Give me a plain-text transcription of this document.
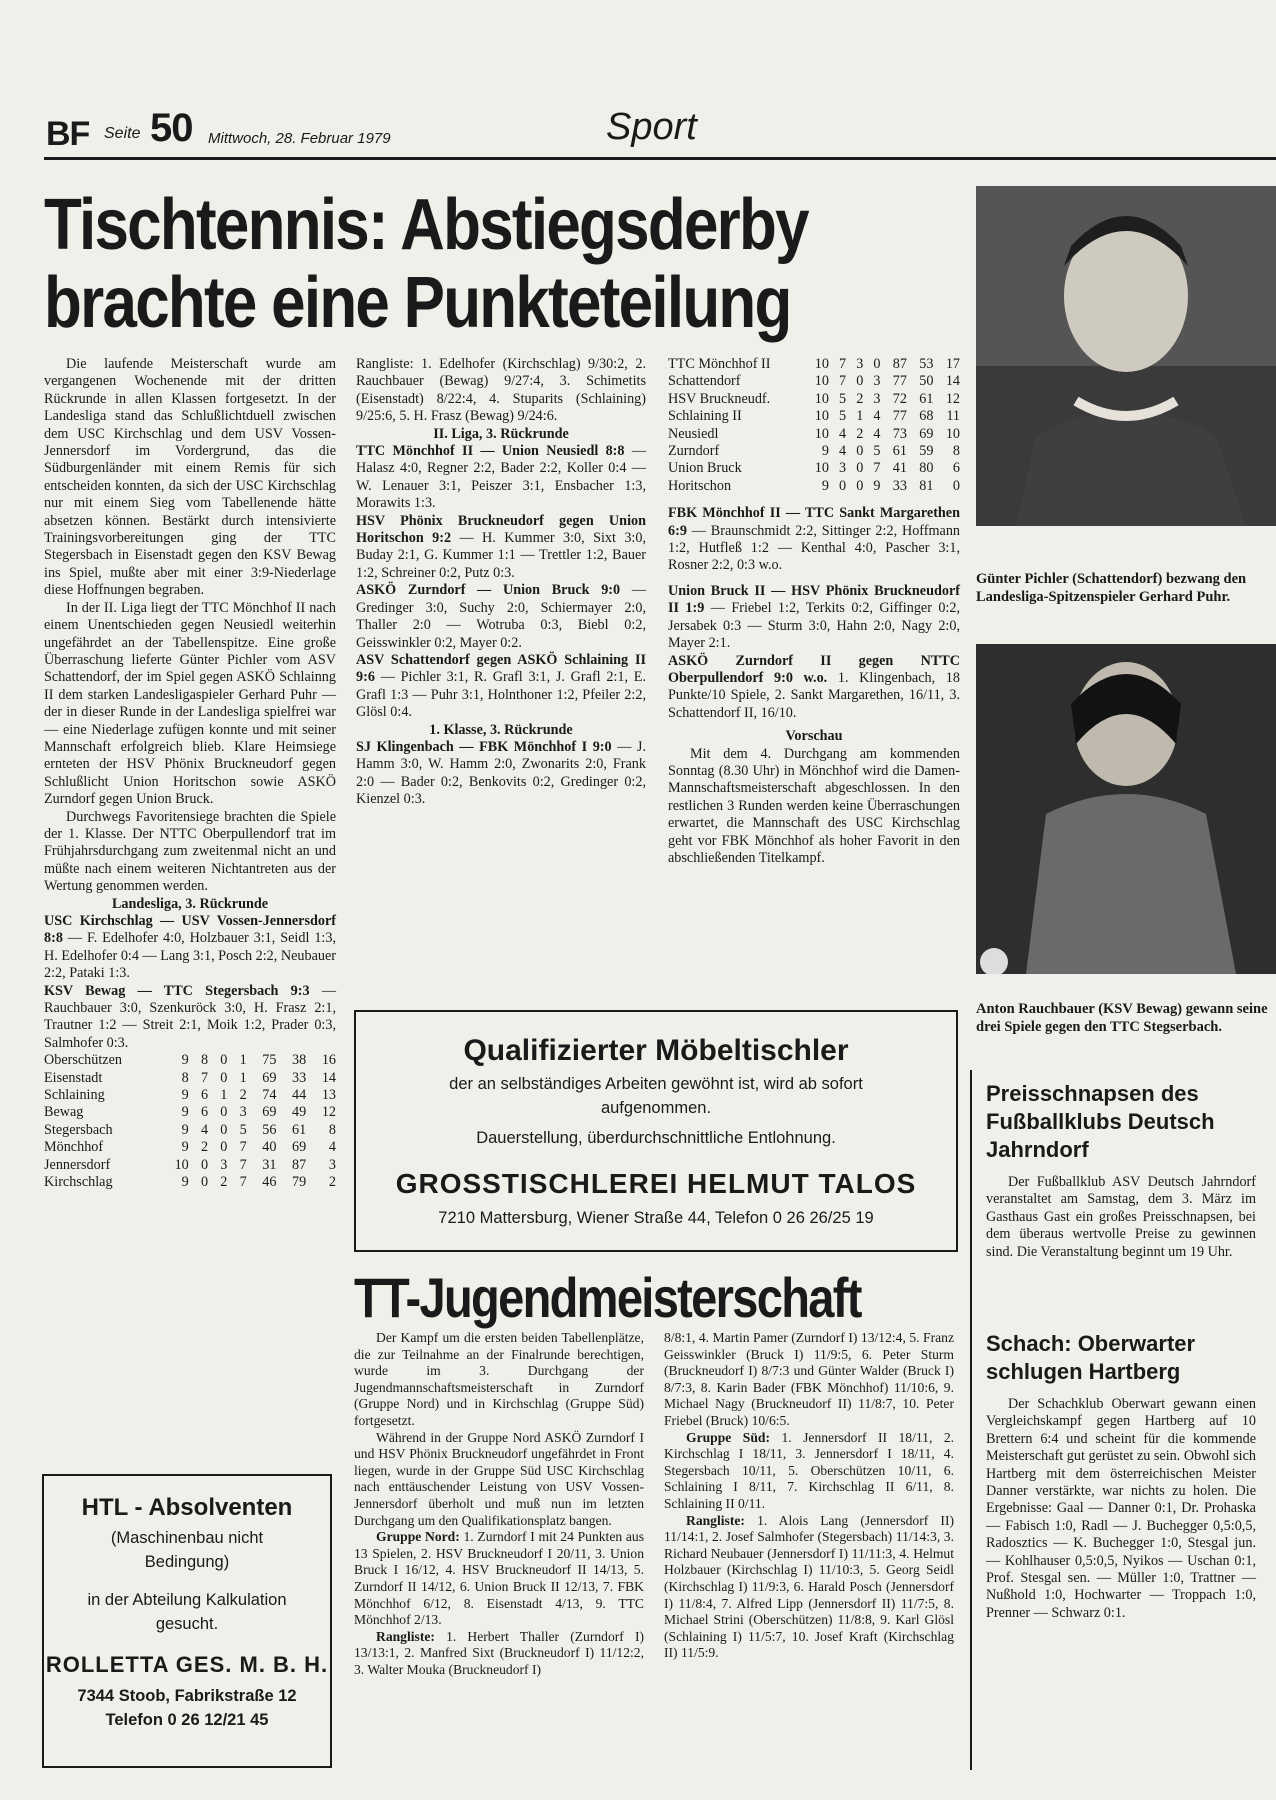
BF Seite 50 Mittwoch, 28. Februar 1979	Sport
Tischtennis: Abstiegsderby
brachte eine Punkteteilung

Die laufende Meisterschaft wurde am vergangenen Wochenende mit der dritten Rückrunde in allen Klassen fortgesetzt. In der Landesliga stand das Schlußlichtduell zwischen dem USC Kirchschlag und dem USV Vossen-Jennersdorf im Vordergrund, das die Südburgenländer mit einem Remis für sich entscheiden konnten, da sich der USC Kirchschlag nur mit einem Sieg vom Tabellenende hätte absetzen können. Bestärkt durch intensivierte Trainingsvorbereitungen ging der TTC Stegersbach in Eisenstadt gegen den KSV Bewag ins Spiel, mußte aber mit einer 3:9-Niederlage diese Hoffnungen begraben.

In der II. Liga liegt der TTC Mönchhof II nach einem Unentschieden gegen Neusiedl weiterhin ungefährdet an der Tabellenspitze. Eine große Überraschung lieferte Günter Pichler vom ASV Schattendorf, der im Spiel gegen ASKÖ Schlainng II dem starken Landesligaspieler Gerhard Puhr — der in dieser Runde in der Landesliga spielfrei war — eine Niederlage zufügen konnte und mit seiner Mannschaft erfolgreich blieb. Klare Heimsiege ernteten der HSV Phönix Bruckneudorf gegen Schlußlicht Union Horitschon sowie ASKÖ Zurndorf gegen Union Bruck.

Durchwegs Favoritensiege brachten die Spiele der 1. Klasse. Der NTTC Oberpullendorf trat im Frühjahrsdurchgang zum zweitenmal nicht an und müßte nach einem weiteren Nichtantreten aus der Wertung genommen werden.

Landesliga, 3. Rückrunde

USC Kirchschlag — USV Vossen-Jennersdorf 8:8 — F. Edelhofer 4:0, Holzbauer 3:1, Seidl 1:3, H. Edelhofer 0:4 — Lang 3:1, Posch 2:2, Neubauer 2:2, Pataki 1:3.

KSV Bewag — TTC Stegersbach 9:3 — Rauchbauer 3:0, Szenkuröck 3:0, H. Frasz 2:1, Trautner 1:2 — Streit 2:1, Moik 1:2, Prader 0:3, Salmhofer 0:3.

Oberschützen	9	8	0	1	75	38	16
Eisenstadt	8	7	0	1	69	33	14
Schlaining	9	6	1	2	74	44	13
Bewag	9	6	0	3	69	49	12
Stegersbach	9	4	0	5	56	61	8
Mönchhof	9	2	0	7	40	69	4
Jennersdorf	10	0	3	7	31	87	3
Kirchschlag	9	0	2	7	46	79	2

Rangliste: 1. Edelhofer (Kirchschlag) 9/30:2, 2. Rauchbauer (Bewag) 9/27:4, 3. Schimetits (Eisenstadt) 8/22:4, 4. Stuparits (Schlaining) 9/25:6, 5. H. Frasz (Bewag) 9/24:6.

II. Liga, 3. Rückrunde

TTC Mönchhof II — Union Neusiedl 8:8 — Halasz 4:0, Regner 2:2, Bader 2:2, Koller 0:4 — W. Lenauer 3:1, Peiszer 3:1, Ensbacher 1:3, Morawits 1:3.

HSV Phönix Bruckneudorf gegen Union Horitschon 9:2 — H. Kummer 3:0, Sixt 3:0, Buday 2:1, G. Kummer 1:1 — Trettler 1:2, Bauer 1:2, Schreiner 0:2, Putz 0:3.

ASKÖ Zurndorf — Union Bruck 9:0 — Gredinger 3:0, Suchy 2:0, Schiermayer 2:0, Thaller 2:0 — Wotruba 0:3, Biebl 0:2, Geisswinkler 0:2, Mayer 0:2.

ASV Schattendorf gegen ASKÖ Schlaining II 9:6 — Pichler 3:1, R. Grafl 3:1, J. Grafl 2:1, E. Grafl 1:3 — Puhr 3:1, Holnthoner 1:2, Pfeiler 2:2, Glösl 0:4.

1. Klasse, 3. Rückrunde

SJ Klingenbach — FBK Mönchhof I 9:0 — J. Hamm 3:0, W. Hamm 2:0, Zwonarits 2:0, Frank 2:0 — Bader 0:2, Benkovits 0:2, Gredinger 0:2, Kienzel 0:3.

TTC Mönchhof II	10	7	3	0	87	53	17
Schattendorf	10	7	0	3	77	50	14
HSV Bruckneudf.	10	5	2	3	72	61	12
Schlaining II	10	5	1	4	77	68	11
Neusiedl	10	4	2	4	73	69	10
Zurndorf	9	4	0	5	61	59	8
Union Bruck	10	3	0	7	41	80	6
Horitschon	9	0	0	9	33	81	0

FBK Mönchhof II — TTC Sankt Margarethen 6:9 — Braunschmidt 2:2, Sittinger 2:2, Hoffmann 1:2, Hutfleß 1:2 — Kenthal 4:0, Pascher 3:1, Rosner 2:2, 0:3 w.o.

Union Bruck II — HSV Phönix Bruckneudorf II 1:9 — Friebel 1:2, Terkits 0:2, Giffinger 0:2, Jersabek 0:3 — Sturm 3:0, Hahn 2:0, Nagy 2:0, Mayer 2:1.

ASKÖ Zurndorf II gegen NTTC Oberpullendorf 9:0 w.o. 1. Klingenbach, 18 Punkte/10 Spiele, 2. Sankt Margarethen, 16/11, 3. Schattendorf II, 16/10.

Vorschau

Mit dem 4. Durchgang am kommenden Sonntag (8.30 Uhr) in Mönchhof wird die Damen-Mannschaftsmeisterschaft abgeschlossen. In den restlichen 3 Runden werden keine Überraschungen erwartet, die Mannschaft des USC Kirchschlag geht vor FBK Mönchhof als hoher Favorit in den abschließenden Titelkampf.

Günter Pichler (Schattendorf) bezwang den Landesliga-Spitzenspieler Gerhard Puhr.
Anton Rauchbauer (KSV Bewag) gewann seine drei Spiele gegen den TTC Stegserbach.
Qualifizierter Möbeltischler
der an selbständiges Arbeiten gewöhnt ist, wird ab sofort
aufgenommen.
Dauerstellung, überdurchschnittliche Entlohnung.
GROSSTISCHLEREI HELMUT TALOS
7210 Mattersburg, Wiener Straße 44, Telefon 0 26 26/25 19
TT-Jugendmeisterschaft

Der Kampf um die ersten beiden Tabellenplätze, die zur Teilnahme an der Finalrunde berechtigen, wurde im 3. Durchgang der Jugendmannschaftsmeisterschaft in Zurndorf (Gruppe Nord) und in Kirchschlag (Gruppe Süd) fortgesetzt.

Während in der Gruppe Nord ASKÖ Zurndorf I und HSV Phönix Bruckneudorf ungefährdet in Front liegen, wurde in der Gruppe Süd USC Kirchschlag nach enttäuschender Leistung von USV Vossen-Jennersdorf überholt und muß nun im letzten Durchgang um den Qualifikationsplatz bangen.

Gruppe Nord: 1. Zurndorf I mit 24 Punkten aus 13 Spielen, 2. HSV Bruckneudorf I 20/11, 3. Union Bruck I 16/12, 4. HSV Bruckneudorf II 14/13, 5. Zurndorf II 14/12, 6. Union Bruck II 12/13, 7. FBK Mönchhof 6/12, 8. Eisenstadt 4/13, 9. TTC Mönchhof 2/13.

Rangliste: 1. Herbert Thaller (Zurndorf I) 13/13:1, 2. Manfred Sixt (Bruckneudorf I) 11/12:2, 3. Walter Mouka (Bruckneudorf I)

8/8:1, 4. Martin Pamer (Zurndorf I) 13/12:4, 5. Franz Geisswinkler (Bruck I) 11/9:5, 6. Peter Sturm (Bruckneudorf I) 8/7:3 und Günter Walder (Bruck I) 8/7:3, 8. Karin Bader (FBK Mönchhof) 11/10:6, 9. Michael Nagy (Bruckneudorf II) 11/8:7, 10. Peter Friebel (Bruck) 10/6:5.

Gruppe Süd: 1. Jennersdorf II 18/11, 2. Kirchschlag I 18/11, 3. Jennersdorf I 18/11, 4. Stegersbach 10/11, 5. Oberschützen 10/11, 6. Schlaining I 8/11, 7. Kirchschlag II 6/11, 8. Schlaining II 0/11.

Rangliste: 1. Alois Lang (Jennersdorf II) 11/14:1, 2. Josef Salmhofer (Stegersbach) 11/14:3, 3. Richard Neubauer (Jennersdorf I) 11/11:3, 4. Helmut Holzbauer (Kirchschlag I) 11/10:3, 5. Georg Seidl (Kirchschlag I) 11/9:3, 6. Harald Posch (Jennersdorf I) 11/8:4, 7. Alfred Lipp (Jennersdorf II) 11/7:5, 8. Michael Strini (Oberschützen) 11/8:8, 9. Karl Glösl (Schlaining I) 11/5:7, 10. Josef Kraft (Kirchschlag II) 11/5:9.

HTL - Absolventen
(Maschinenbau nicht
Bedingung)
in der Abteilung Kalkulation
gesucht.
ROLLETTA GES. M. B. H.
7344 Stoob, Fabrikstraße 12
Telefon 0 26 12/21 45
Preisschnapsen des Fußballklubs Deutsch Jahrndorf

Der Fußballklub ASV Deutsch Jahrndorf veranstaltet am Samstag, dem 3. März im Gasthaus Gast ein großes Preisschnapsen, bei dem überaus wertvolle Preise zu gewinnen sind. Die Veranstaltung beginnt um 19 Uhr.

Schach: Oberwarter schlugen Hartberg

Der Schachklub Oberwart gewann einen Vergleichskampf gegen Hartberg auf 10 Brettern 6:4 und scheint für die kommende Meisterschaft gut gerüstet zu sein. Obwohl sich Hartberg mit dem österreichischen Meister Danner verstärkte, war nichts zu holen. Die Ergebnisse: Gaal — Danner 0:1, Dr. Prohaska — Fabisch 1:0, Radl — J. Buchegger 0,5:0,5, Radosztics — K. Buchegger 1:0, Stesgal jun. — Kohlhauser 0,5:0,5, Nyikos — Uschan 0:1, Prof. Stesgal sen. — Müller 1:0, Trattner — Nußhold 1:0, Hochwarter — Troppach 1:0, Prenner — Schwarz 0:1.
